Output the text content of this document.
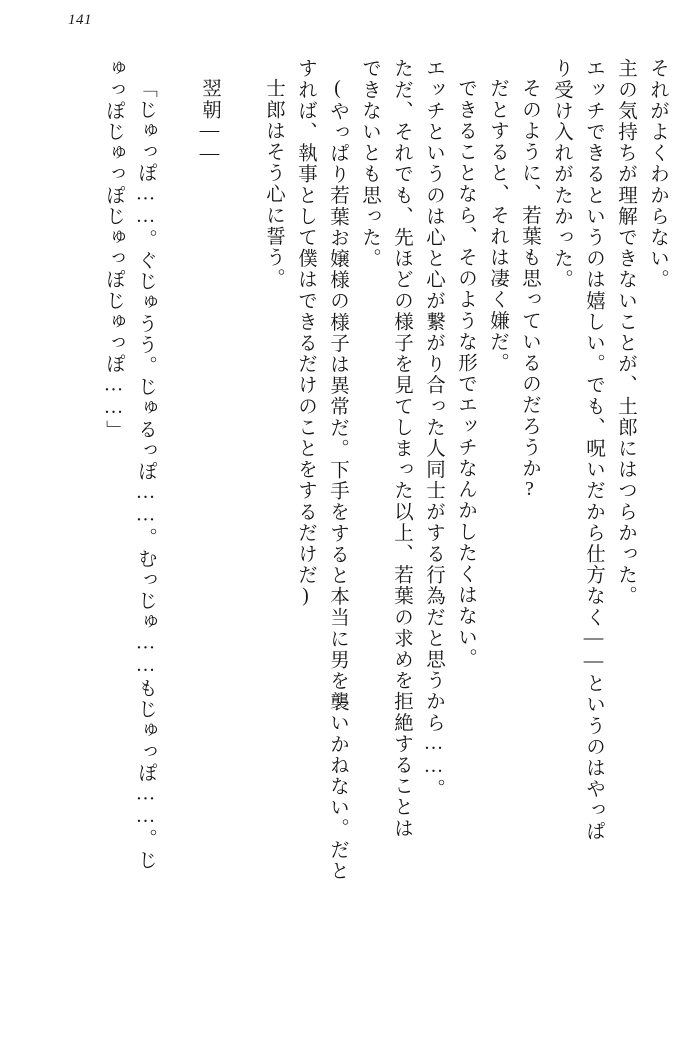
141
それがよくわからない。
主の気持ちが理解できないことが、土郎にはつらかった。
エッチできるというのは嬉しい。でも、呪いだから仕方なく——というのはやっぱ
り受け入れがたかった。
そのように、若葉も思っているのだろうか?
だとすると、それは凄く嫌だ。
できることなら、そのような形でエッチなんかしたくはない。
エッチというのは心と心が繋がり合った人同士がする行為だと思うから……。
ただ、それでも、先ほどの様子を見てしまった以上、若葉の求めを拒絶することは
できないとも思った。
(やっぱり若葉お嬢様の様子は異常だ。下手をすると本当に男を襲いかねない。だと
すれば、執事として僕はできるだけのことをするだけだ)
士郎はそう心に誓う。
翌朝——
「じゅっぽ……。ぐじゅうう。じゅるっぽ……。むっじゅ……もじゅっぽ……。じ
ゅっぽじゅっぽじゅっぽじゅっぽ……」
